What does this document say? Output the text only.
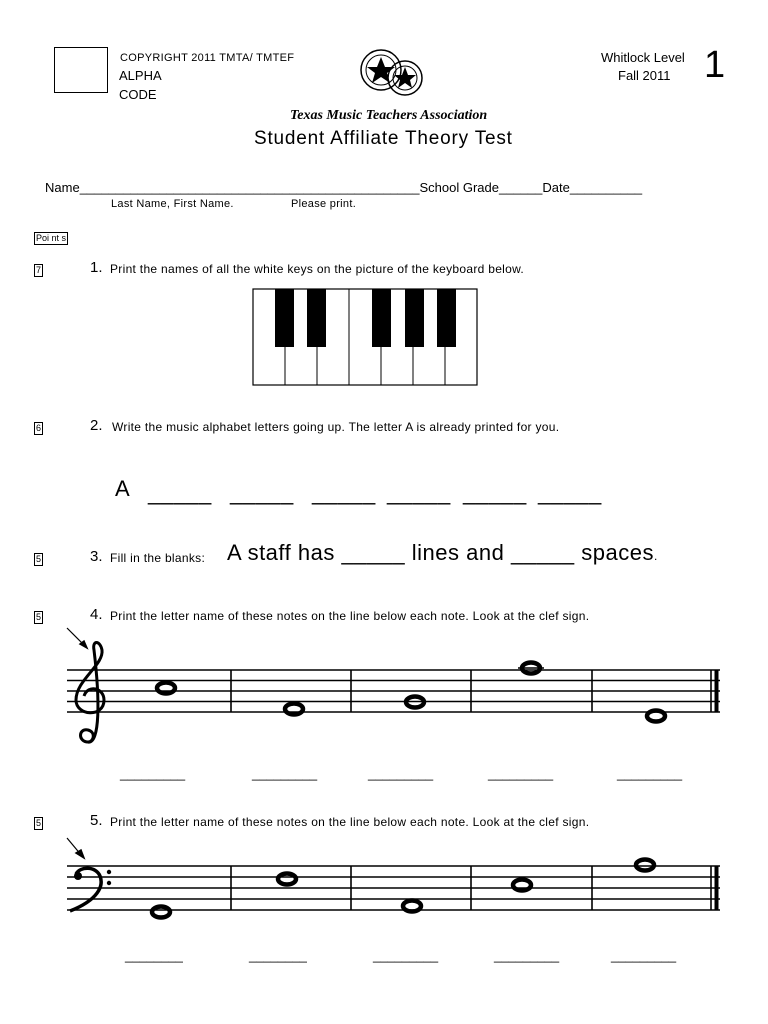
COPYRIGHT 2011 TMTA/ TMTEF
ALPHA
CODE
Whitlock Level
Fall 2011 1
Texas Music Teachers Association
Student Affiliate Theory Test
Name_______________________________________________School Grade______Date__________
Last Name, First Name.	Please print.
Poi nt s
7	1. Print the names of all the white keys on the picture of the keyboard below.
6	2. Write the music alphabet letters going up. The letter A is already printed for you.
A _____ _____ _____ _____ _____ _____
5	3. Fill in the blanks: A staff has _____ lines and _____ spaces.
5	4. Print the letter name of these notes on the line below each note. Look at the clef sign.
_________	_________	_________	_________	_________
5	5. Print the letter name of these notes on the line below each note. Look at the clef sign.
________	________	_________	_________	_________
